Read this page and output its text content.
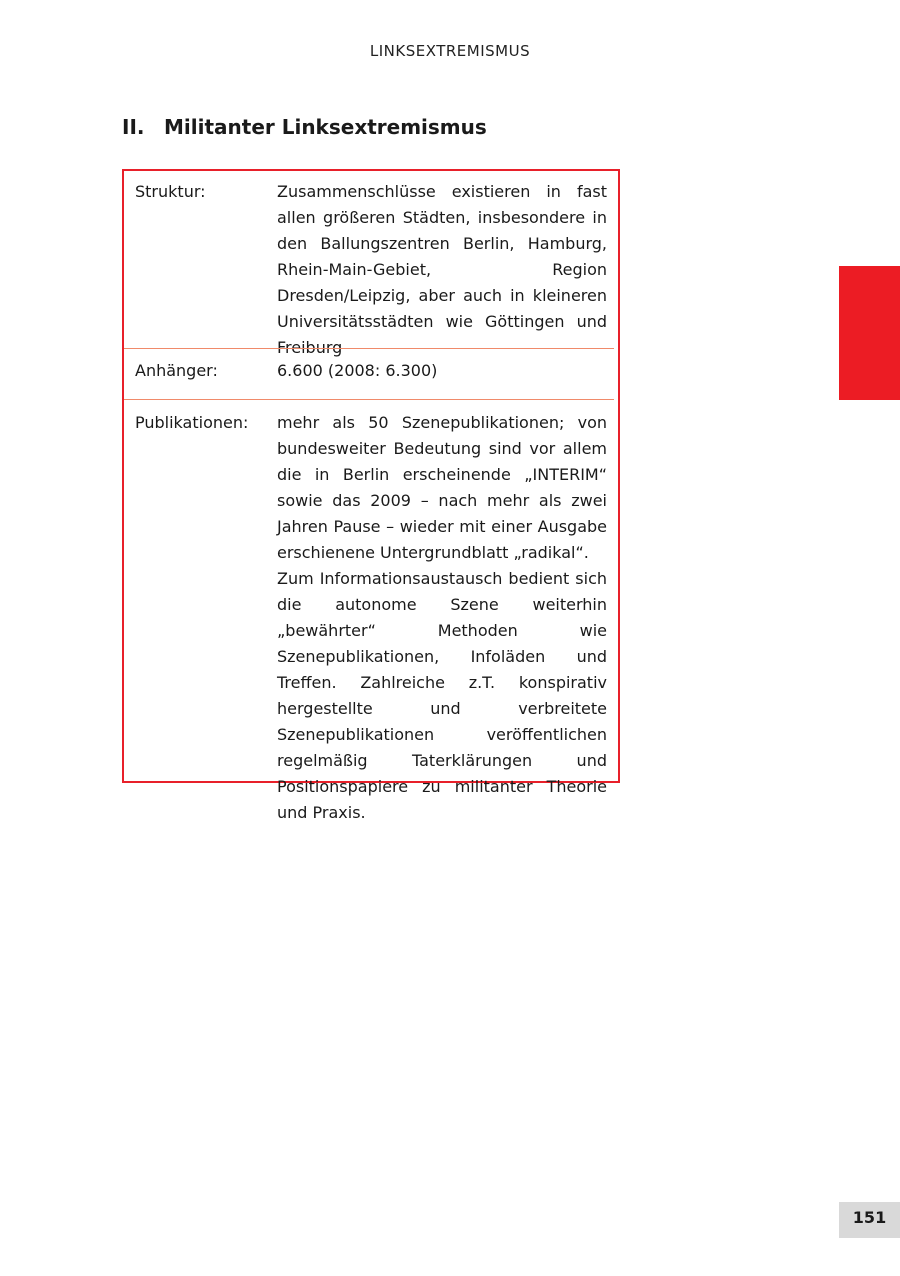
LINKSEXTREMISMUS
II. Militanter Linksextremismus
Struktur:	Zusammenschlüsse existieren in fast allen größeren Städten, insbesondere in den Ballungszentren Berlin, Hamburg, Rhein-Main-Gebiet, Region Dresden/Leipzig, aber auch in kleineren Universitätsstädten wie Göttingen und Freiburg

Anhänger:	6.600 (2008: 6.300)

Publikationen: mehr als 50 Szenepublikationen; von bundesweiter Bedeutung sind vor allem die in Berlin erscheinende „INTERIM“ sowie das 2009 – nach mehr als zwei Jahren Pause – wieder mit einer Ausgabe erschienene Untergrundblatt „radikal“.

Zum Informationsaustausch bedient sich die autonome Szene weiterhin „bewährter“ Methoden wie Szenepublikationen, Infoläden und Treffen. Zahlreiche z.T. konspirativ hergestellte und verbreitete Szenepublikationen veröffentlichen regelmäßig Taterklärungen und Positionspapiere zu militanter Theorie und Praxis.

151
